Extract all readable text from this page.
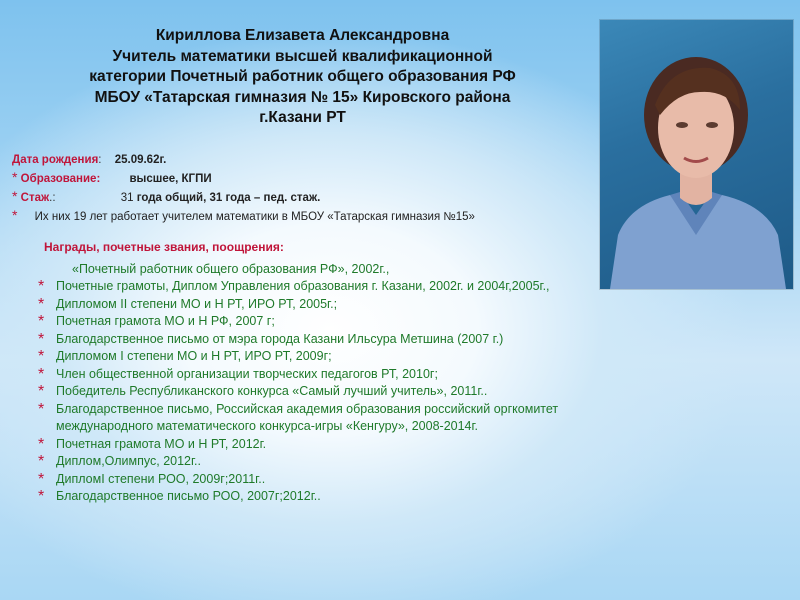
Кириллова Елизавета Александровна
Учитель математики высшей квалификационной
категории Почетный работник общего образования РФ
МБОУ «Татарская гимназия № 15» Кировского района
г.Казани РТ
Дата рождения: 25.09.62г.
* Образование:	высшее, КГПИ
* Стаж.:	31 года общий, 31 года – пед. стаж.
* Их них 19 лет работает учителем математики в МБОУ «Татарская гимназия №15»
Награды, почетные звания, поощрения:
«Почетный работник общего образования РФ», 2002г.,
* Почетные грамоты, Диплом Управления образования г. Казани, 2002г. и 2004г,2005г.,
* Дипломом II степени МО и Н РТ, ИРО РТ, 2005г.;
* Почетная грамота МО и Н РФ, 2007 г;
* Благодарственное письмо от мэра города Казани Ильсура Метшина (2007 г.)
* Дипломом I степени МО и Н РТ, ИРО РТ, 2009г;
* Член общественной организации творческих педагогов РТ, 2010г;
* Победитель Республиканского конкурса «Самый лучший учитель», 2011г..
* Благодарственное письмо, Российская академия образования российский оргкомитет
международного математического конкурса-игры «Кенгуру», 2008-2014г.
* Почетная грамота МО и Н РТ, 2012г.
* Диплом,Олимпус, 2012г..
* ДипломI степени РОО, 2009г;2011г..
* Благодарственное письмо РОО, 2007г;2012г..
